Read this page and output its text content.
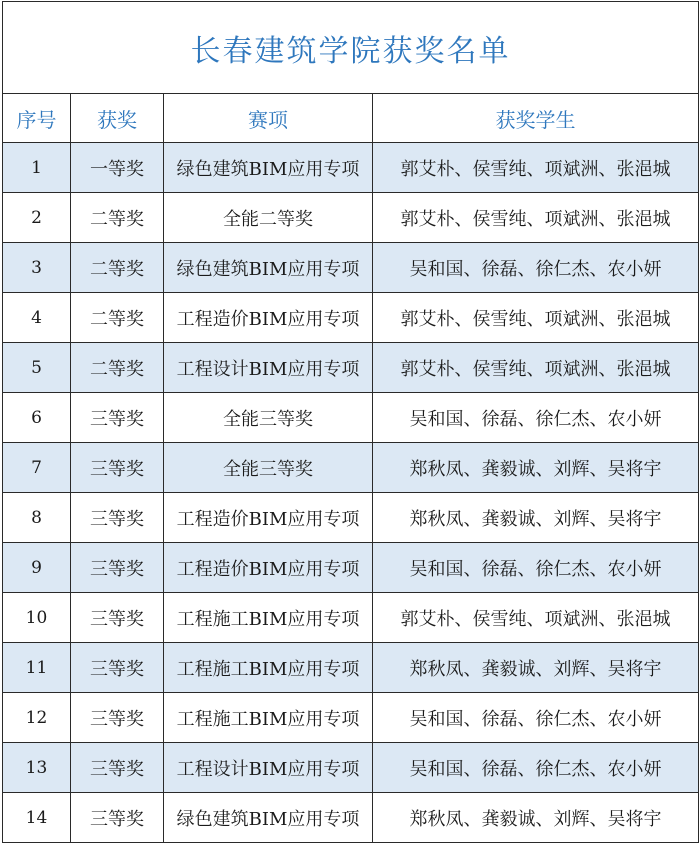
长春建筑学院获奖名单			
序号	获奖	赛项	获奖学生
1	一等奖	绿色建筑BIM应用专项	郭艾朴、侯雪纯、项斌洲、张浥城
2	二等奖	全能二等奖	郭艾朴、侯雪纯、项斌洲、张浥城
3	二等奖	绿色建筑BIM应用专项	吴和国、徐磊、徐仁杰、农小妍
4	二等奖	工程造价BIM应用专项	郭艾朴、侯雪纯、项斌洲、张浥城
5	二等奖	工程设计BIM应用专项	郭艾朴、侯雪纯、项斌洲、张浥城
6	三等奖	全能三等奖	吴和国、徐磊、徐仁杰、农小妍
7	三等奖	全能三等奖	郑秋凤、龚毅诚、刘辉、吴将宇
8	三等奖	工程造价BIM应用专项	郑秋凤、龚毅诚、刘辉、吴将宇
9	三等奖	工程造价BIM应用专项	吴和国、徐磊、徐仁杰、农小妍
10	三等奖	工程施工BIM应用专项	郭艾朴、侯雪纯、项斌洲、张浥城
11	三等奖	工程施工BIM应用专项	郑秋凤、龚毅诚、刘辉、吴将宇
12	三等奖	工程施工BIM应用专项	吴和国、徐磊、徐仁杰、农小妍
13	三等奖	工程设计BIM应用专项	吴和国、徐磊、徐仁杰、农小妍
14	三等奖	绿色建筑BIM应用专项	郑秋凤、龚毅诚、刘辉、吴将宇
